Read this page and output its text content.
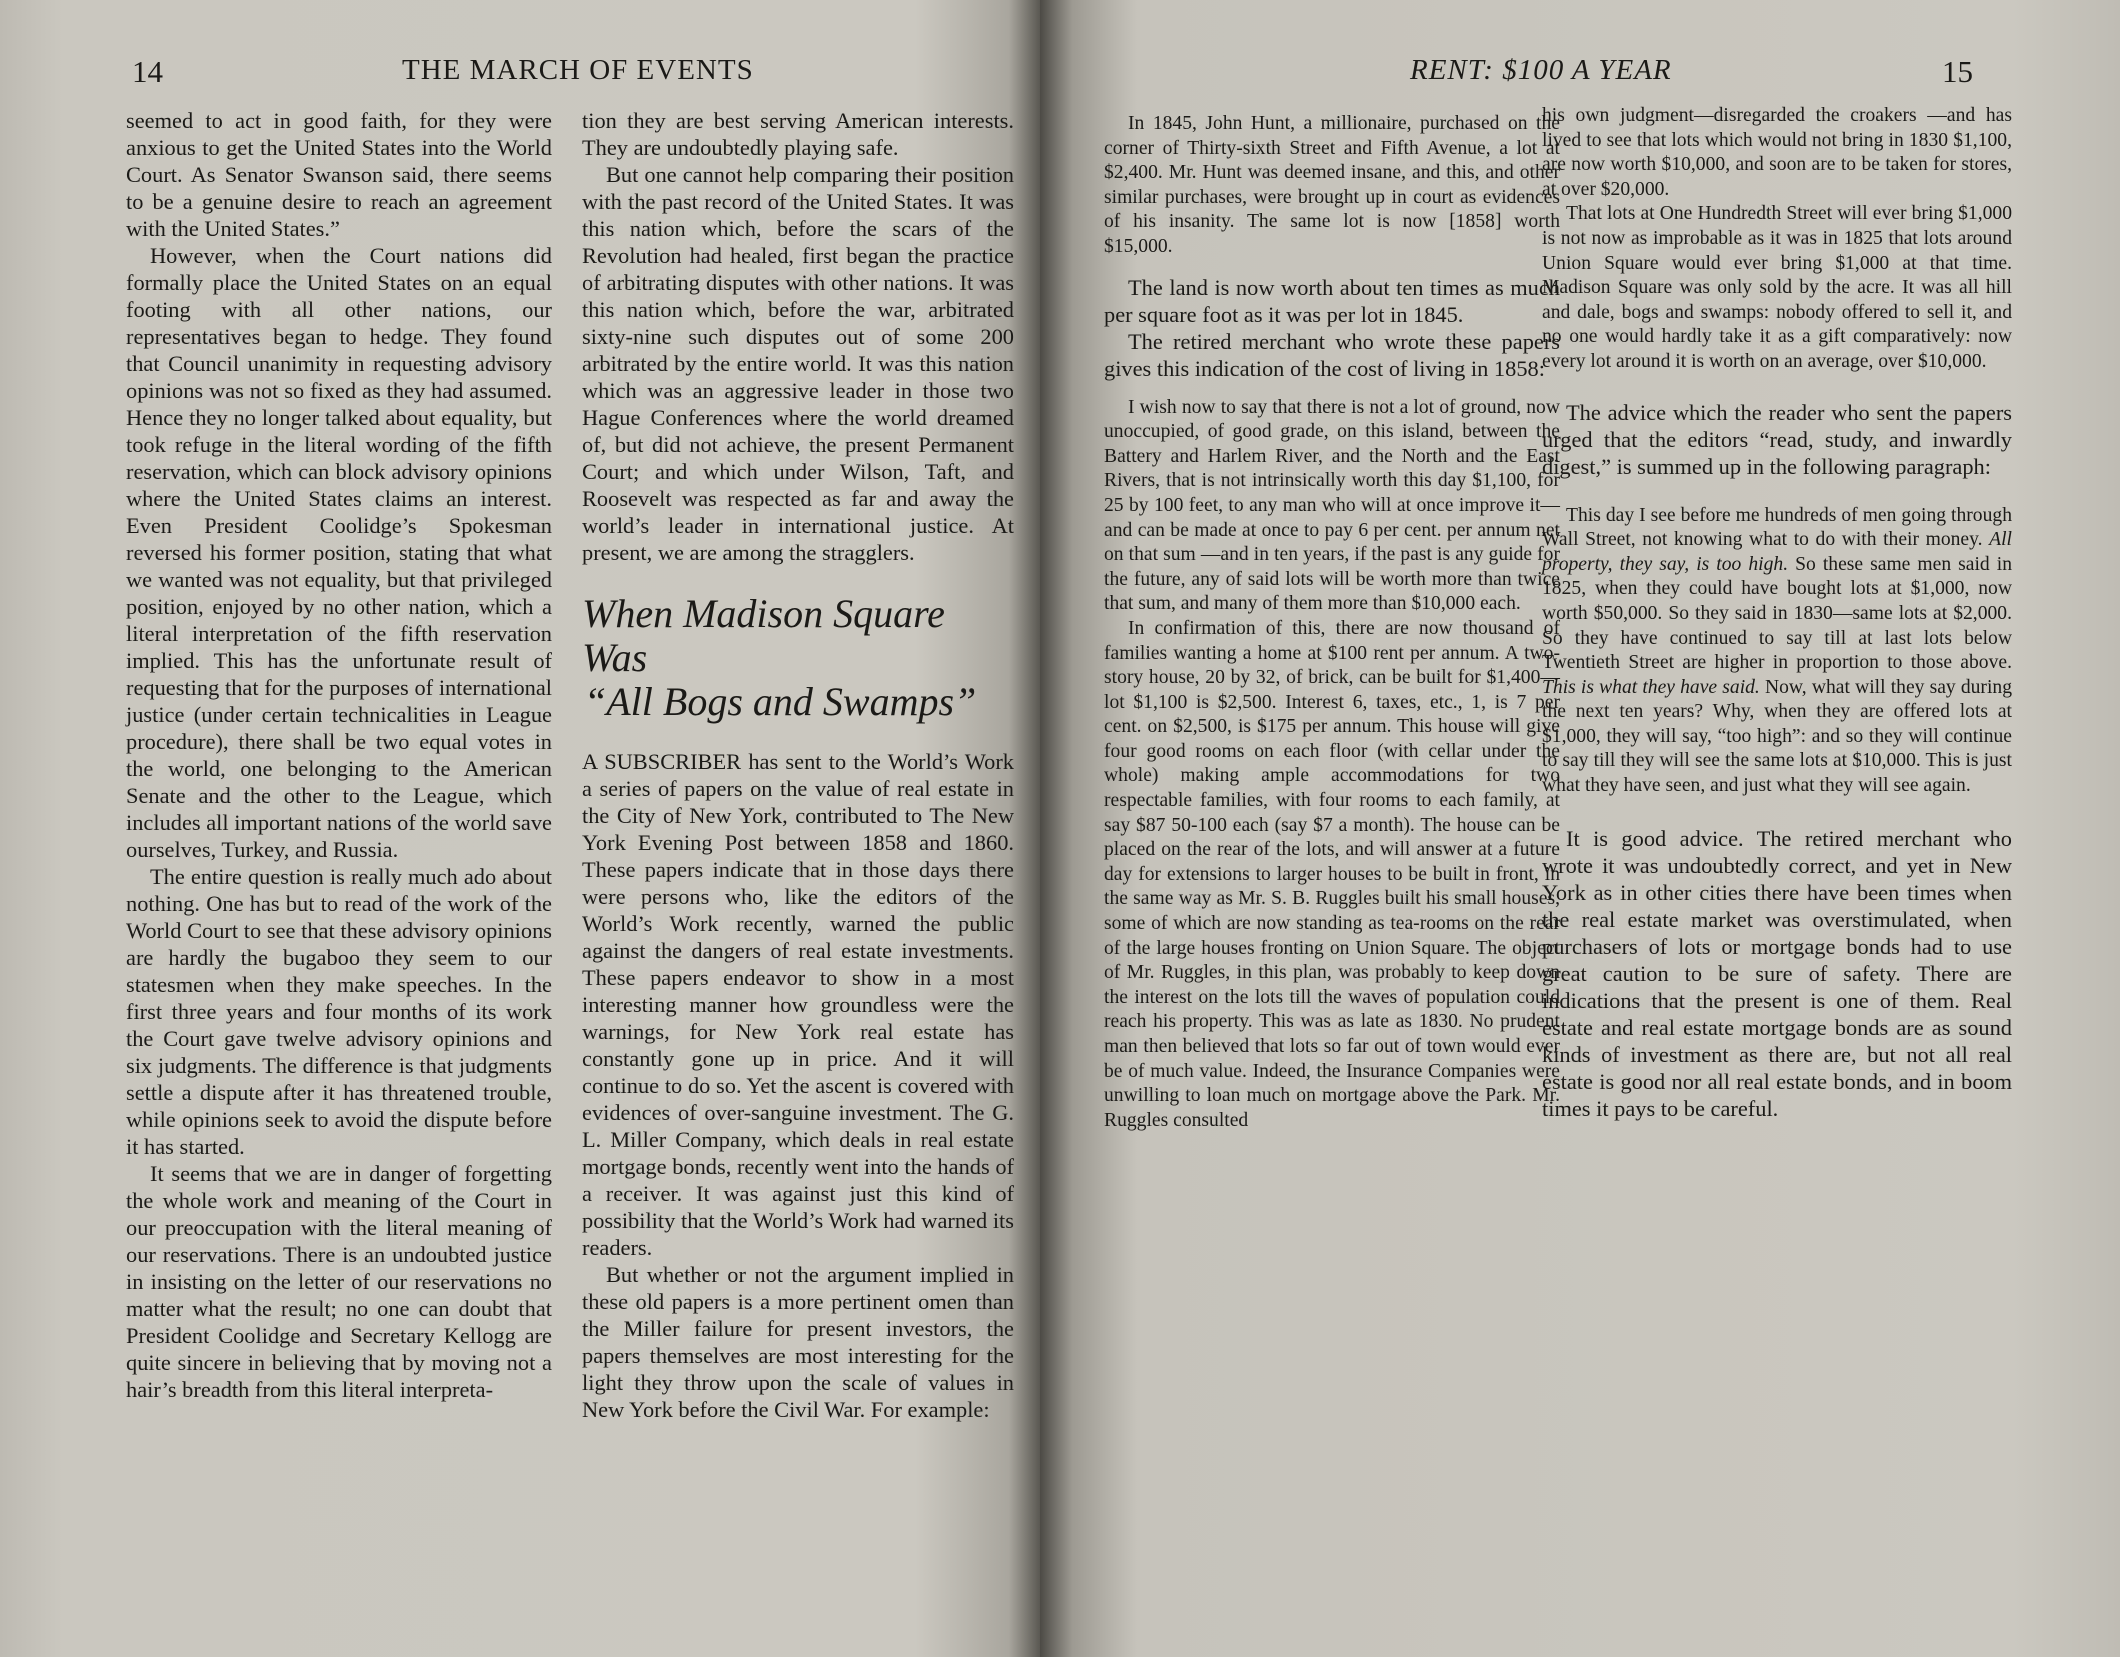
14	THE MARCH OF EVENTS

seemed to act in good faith, for they were anxious to get the United States into the World Court. As Senator Swanson said, there seems to be a genuine desire to reach an agreement with the United States.”

However, when the Court nations did formally place the United States on an equal footing with all other nations, our representatives began to hedge. They found that Council unanimity in requesting advisory opinions was not so fixed as they had assumed. Hence they no longer talked about equality, but took refuge in the literal wording of the fifth reservation, which can block advisory opinions where the United States claims an interest. Even President Coolidge’s Spokesman reversed his former position, stating that what we wanted was not equality, but that privileged position, enjoyed by no other nation, which a literal interpretation of the fifth reservation implied. This has the unfortunate result of requesting that for the purposes of international justice (under certain technicalities in League procedure), there shall be two equal votes in the world, one belonging to the American Senate and the other to the League, which includes all important nations of the world save ourselves, Turkey, and Russia.

The entire question is really much ado about nothing. One has but to read of the work of the World Court to see that these advisory opinions are hardly the bugaboo they seem to our statesmen when they make speeches. In the first three years and four months of its work the Court gave twelve advisory opinions and six judgments. The difference is that judgments settle a dispute after it has threatened trouble, while opinions seek to avoid the dispute before it has started.

It seems that we are in danger of forgetting the whole work and meaning of the Court in our preoccupation with the literal meaning of our reservations. There is an undoubted justice in insisting on the letter of our reservations no matter what the result; no one can doubt that President Coolidge and Secretary Kellogg are quite sincere in believing that by moving not a hair’s breadth from this literal interpreta-

tion they are best serving American interests. They are undoubtedly playing safe.

But one cannot help comparing their position with the past record of the United States. It was this nation which, before the scars of the Revolution had healed, first began the practice of arbitrating disputes with other nations. It was this nation which, before the war, arbitrated sixty-nine such disputes out of some 200 arbitrated by the entire world. It was this nation which was an aggressive leader in those two Hague Conferences where the world dreamed of, but did not achieve, the present Permanent Court; and which under Wilson, Taft, and Roosevelt was respected as far and away the world’s leader in international justice. At present, we are among the stragglers.

When Madison Square Was
“All Bogs and Swamps”

A SUBSCRIBER has sent to the World’s Work a series of papers on the value of real estate in the City of New York, contributed to The New York Evening Post between 1858 and 1860. These papers indicate that in those days there were persons who, like the editors of the World’s Work recently, warned the public against the dangers of real estate investments. These papers endeavor to show in a most interesting manner how groundless were the warnings, for New York real estate has constantly gone up in price. And it will continue to do so. Yet the ascent is covered with evidences of over-sanguine investment. The G. L. Miller Company, which deals in real estate mortgage bonds, recently went into the hands of a receiver. It was against just this kind of possibility that the World’s Work had warned its readers.

But whether or not the argument implied in these old papers is a more pertinent omen than the Miller failure for present investors, the papers themselves are most interesting for the light they throw upon the scale of values in New York before the Civil War. For example:

RENT: $100 A YEAR	15

In 1845, John Hunt, a millionaire, purchased on the corner of Thirty-sixth Street and Fifth Avenue, a lot at $2,400. Mr. Hunt was deemed insane, and this, and other similar purchases, were brought up in court as evidences of his insanity. The same lot is now [1858] worth $15,000.

The land is now worth about ten times as much per square foot as it was per lot in 1845.

The retired merchant who wrote these papers gives this indication of the cost of living in 1858:

I wish now to say that there is not a lot of ground, now unoccupied, of good grade, on this island, between the Battery and Harlem River, and the North and the East Rivers, that is not intrinsically worth this day $1,100, for 25 by 100 feet, to any man who will at once improve it—and can be made at once to pay 6 per cent. per annum net on that sum —and in ten years, if the past is any guide for the future, any of said lots will be worth more than twice that sum, and many of them more than $10,000 each.

In confirmation of this, there are now thousand of families wanting a home at $100 rent per annum. A two-story house, 20 by 32, of brick, can be built for $1,400—lot $1,100 is $2,500. Interest 6, taxes, etc., 1, is 7 per cent. on $2,500, is $175 per annum. This house will give four good rooms on each floor (with cellar under the whole) making ample accommodations for two respectable families, with four rooms to each family, at say $87 50-100 each (say $7 a month). The house can be placed on the rear of the lots, and will answer at a future day for extensions to larger houses to be built in front, in the same way as Mr. S. B. Ruggles built his small houses, some of which are now standing as tea-rooms on the rear of the large houses fronting on Union Square. The object of Mr. Ruggles, in this plan, was probably to keep down the interest on the lots till the waves of population could reach his property. This was as late as 1830. No prudent man then believed that lots so far out of town would ever be of much value. Indeed, the Insurance Companies were unwilling to loan much on mortgage above the Park. Mr. Ruggles consulted

his own judgment—disregarded the croakers —and has lived to see that lots which would not bring in 1830 $1,100, are now worth $10,000, and soon are to be taken for stores, at over $20,000.

That lots at One Hundredth Street will ever bring $1,000 is not now as improbable as it was in 1825 that lots around Union Square would ever bring $1,000 at that time. Madison Square was only sold by the acre. It was all hill and dale, bogs and swamps: nobody offered to sell it, and no one would hardly take it as a gift comparatively: now every lot around it is worth on an average, over $10,000.

The advice which the reader who sent the papers urged that the editors “read, study, and inwardly digest,” is summed up in the following paragraph:

This day I see before me hundreds of men going through Wall Street, not knowing what to do with their money. All property, they say, is too high. So these same men said in 1825, when they could have bought lots at $1,000, now worth $50,000. So they said in 1830—same lots at $2,000. So they have continued to say till at last lots below Twentieth Street are higher in proportion to those above. This is what they have said. Now, what will they say during the next ten years? Why, when they are offered lots at $1,000, they will say, “too high”: and so they will continue to say till they will see the same lots at $10,000. This is just what they have seen, and just what they will see again.

It is good advice. The retired merchant who wrote it was undoubtedly correct, and yet in New York as in other cities there have been times when the real estate market was overstimulated, when purchasers of lots or mortgage bonds had to use great caution to be sure of safety. There are indications that the present is one of them. Real estate and real estate mortgage bonds are as sound kinds of investment as there are, but not all real estate is good nor all real estate bonds, and in boom times it pays to be careful.
